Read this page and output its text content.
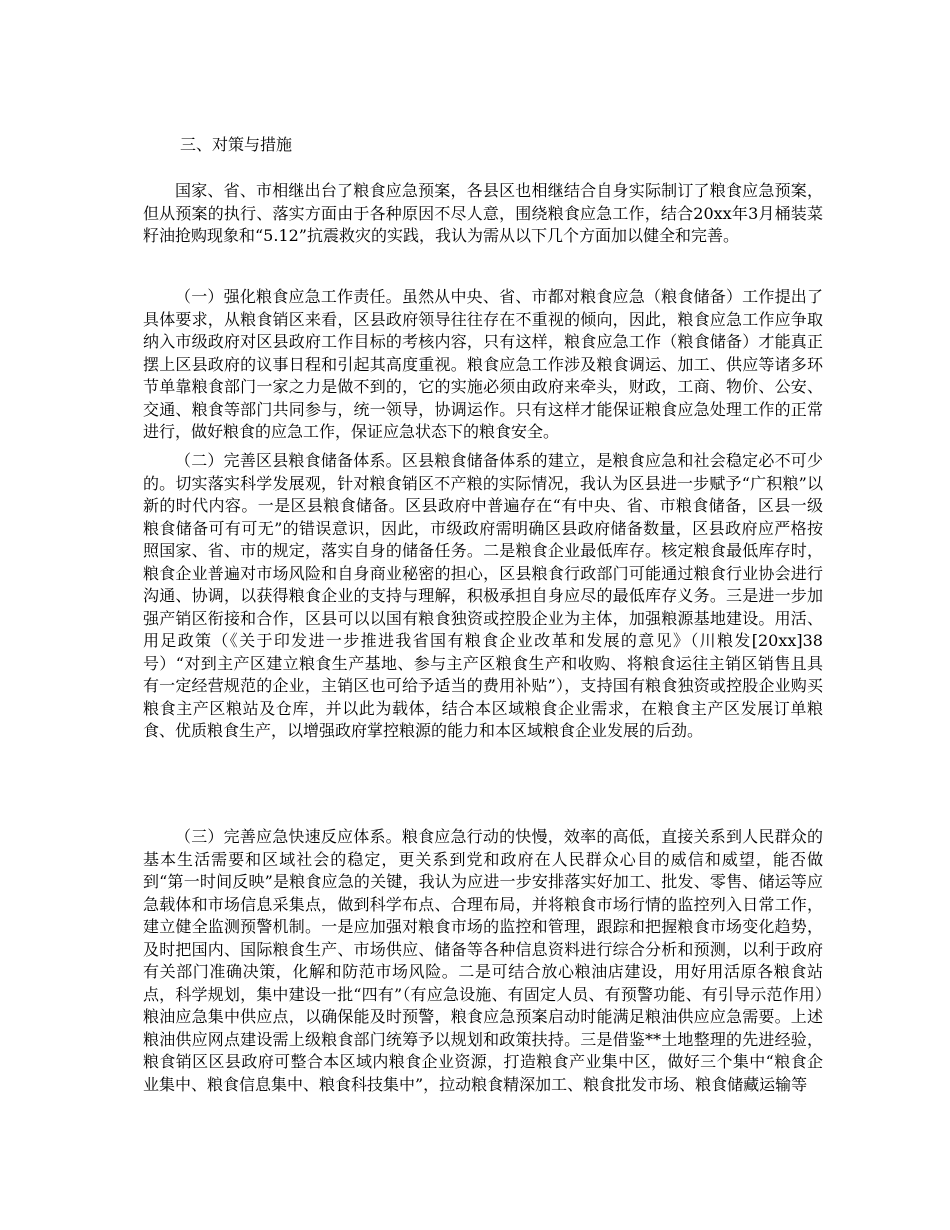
三、对策与措施

国家、省、市相继出台了粮食应急预案，各县区也相继结合自身实际制订了粮食应急预案，但从预案的执行、落实方面由于各种原因不尽人意，围绕粮食应急工作，结合20xx年3月桶装菜籽油抢购现象和“5.12”抗震救灾的实践，我认为需从以下几个方面加以健全和完善。

（一）强化粮食应急工作责任。虽然从中央、省、市都对粮食应急（粮食储备）工作提出了具体要求，从粮食销区来看，区县政府领导往往存在不重视的倾向，因此，粮食应急工作应争取纳入市级政府对区县政府工作目标的考核内容，只有这样，粮食应急工作（粮食储备）才能真正摆上区县政府的议事日程和引起其高度重视。粮食应急工作涉及粮食调运、加工、供应等诸多环节单靠粮食部门一家之力是做不到的，它的实施必须由政府来牵头，财政，工商、物价、公安、交通、粮食等部门共同参与，统一领导，协调运作。只有这样才能保证粮食应急处理工作的正常进行，做好粮食的应急工作，保证应急状态下的粮食安全。

（二）完善区县粮食储备体系。区县粮食储备体系的建立，是粮食应急和社会稳定必不可少的。切实落实科学发展观，针对粮食销区不产粮的实际情况，我认为区县进一步赋予“广积粮”以新的时代内容。一是区县粮食储备。区县政府中普遍存在“有中央、省、市粮食储备，区县一级粮食储备可有可无”的错误意识，因此，市级政府需明确区县政府储备数量，区县政府应严格按照国家、省、市的规定，落实自身的储备任务。二是粮食企业最低库存。核定粮食最低库存时，粮食企业普遍对市场风险和自身商业秘密的担心，区县粮食行政部门可能通过粮食行业协会进行沟通、协调，以获得粮食企业的支持与理解，积极承担自身应尽的最低库存义务。三是进一步加强产销区衔接和合作，区县可以以国有粮食独资或控股企业为主体，加强粮源基地建设。用活、用足政策（《关于印发进一步推进我省国有粮食企业改革和发展的意见》（川粮发[20xx]38号）“对到主产区建立粮食生产基地、参与主产区粮食生产和收购、将粮食运往主销区销售且具有一定经营规范的企业，主销区也可给予适当的费用补贴”），支持国有粮食独资或控股企业购买粮食主产区粮站及仓库，并以此为载体，结合本区域粮食企业需求，在粮食主产区发展订单粮食、优质粮食生产，以增强政府掌控粮源的能力和本区域粮食企业发展的后劲。

（三）完善应急快速反应体系。粮食应急行动的快慢，效率的高低，直接关系到人民群众的基本生活需要和区域社会的稳定，更关系到党和政府在人民群众心目的威信和威望，能否做到“第一时间反映”是粮食应急的关键，我认为应进一步安排落实好加工、批发、零售、储运等应急载体和市场信息采集点，做到科学布点、合理布局，并将粮食市场行情的监控列入日常工作，建立健全监测预警机制。一是应加强对粮食市场的监控和管理，跟踪和把握粮食市场变化趋势，及时把国内、国际粮食生产、市场供应、储备等各种信息资料进行综合分析和预测，以利于政府有关部门准确决策，化解和防范市场风险。二是可结合放心粮油店建设，用好用活原各粮食站点，科学规划，集中建设一批“四有”（有应急设施、有固定人员、有预警功能、有引导示范作用）粮油应急集中供应点，以确保能及时预警，粮食应急预案启动时能满足粮油供应应急需要。上述粮油供应网点建设需上级粮食部门统筹予以规划和政策扶持。三是借鉴**土地整理的先进经验，粮食销区区县政府可整合本区域内粮食企业资源，打造粮食产业集中区，做好三个集中“粮食企业集中、粮食信息集中、粮食科技集中”，拉动粮食精深加工、粮食批发市场、粮食储藏运输等
